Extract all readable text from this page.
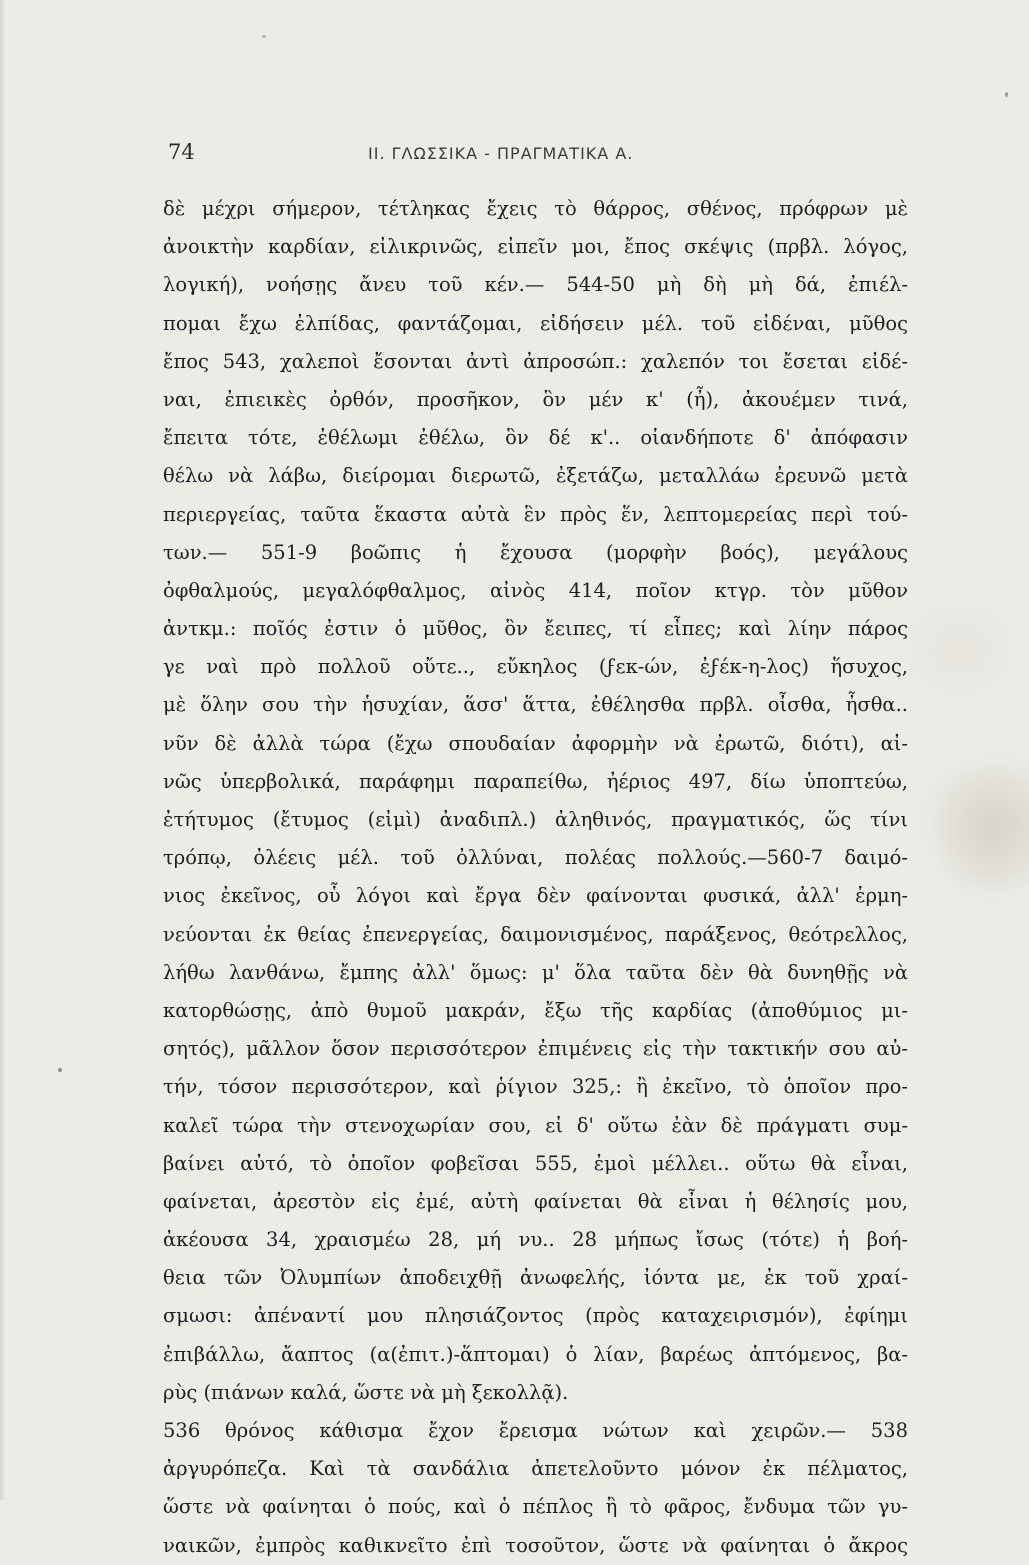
74	ΙΙ. ΓΛΩΣΣΙΚΑ - ΠΡΑΓΜΑΤΙΚΑ Α.
δὲ μέχρι σήμερον, τέτληκας ἔχεις τὸ θάρρος, σθένος, πρόφρων μὲ
ἀνοικτὴν καρδίαν, εἰλικρινῶς, εἰπεῖν μοι, ἔπος σκέψις (πρβλ. λόγος,
λογική), νοήσῃς ἄνευ τοῦ κέν.— 544-50 μὴ δὴ μὴ δά, ἐπιέλ-
πομαι ἔχω ἐλπίδας, φαντάζομαι, εἰδήσειν μέλ. τοῦ εἰδέναι, μῦθος
ἔπος 543, χαλεποὶ ἔσονται ἀντὶ ἀπροσώπ.: χαλεπόν τοι ἔσεται εἰδέ-
ναι, ἐπιεικὲς ὀρθόν, προσῆκον, ὃν μέν κ' (ἦ), ἀκουέμεν τινά,
ἔπειτα τότε, ἐθέλωμι ἐθέλω, ὃν δέ κ'.. οἱανδήποτε δ' ἀπόφασιν
θέλω νὰ λάβω, διείρομαι διερωτῶ, ἐξετάζω, μεταλλάω ἐρευνῶ μετὰ
περιεργείας, ταῦτα ἕκαστα αὐτὰ ἓν πρὸς ἕν, λεπτομερείας περὶ τού-
των.— 551-9 βοῶπις ἡ ἔχουσα (μορφὴν βοός), μεγάλους
ὀφθαλμούς, μεγαλόφθαλμος, αἰνὸς 414, ποῖον κτγρ. τὸν μῦθον
ἀντκμ.: ποῖός ἐστιν ὁ μῦθος, ὃν ἔειπες, τί εἶπες; καὶ λίην πάρος
γε ναὶ πρὸ πολλοῦ οὔτε.., εὔκηλος (ϝεκ-ών, ἐϝέκ-η-λος) ἥσυχος,
μὲ ὅλην σου τὴν ἡσυχίαν, ἅσσ' ἅττα, ἐθέλησθα πρβλ. οἶσθα, ἦσθα..
νῦν δὲ ἀλλὰ τώρα (ἔχω σπουδαίαν ἀφορμὴν νὰ ἐρωτῶ, διότι), αἰ-
νῶς ὑπερβολικά, παράφημι παραπείθω, ἠέριος 497, δίω ὑποπτεύω,
ἐτήτυμος (ἔτυμος (εἰμὶ) ἀναδιπλ.) ἀληθινός, πραγματικός, ὥς τίνι
τρόπῳ, ὀλέεις μέλ. τοῦ ὀλλύναι, πολέας πολλούς.—560-7 δαιμό-
νιος ἐκεῖνος, οὗ λόγοι καὶ ἔργα δὲν φαίνονται φυσικά, ἀλλ' ἑρμη-
νεύονται ἐκ θείας ἐπενεργείας, δαιμονισμένος, παράξενος, θεότρελλος,
λήθω λανθάνω, ἔμπης ἀλλ' ὅμως: μ' ὅλα ταῦτα δὲν θὰ δυνηθῇς νὰ
κατορθώσῃς, ἀπὸ θυμοῦ μακράν, ἔξω τῆς καρδίας (ἀποθύμιος μι-
σητός), μᾶλλον ὅσον περισσότερον ἐπιμένεις εἰς τὴν τακτικήν σου αὐ-
τήν, τόσον περισσότερον, καὶ ῥίγιον 325,: ἢ ἐκεῖνο, τὸ ὁποῖον προ-
καλεῖ τώρα τὴν στενοχωρίαν σου, εἰ δ' οὕτω ἐὰν δὲ πράγματι συμ-
βαίνει αὐτό, τὸ ὁποῖον φοβεῖσαι 555, ἐμοὶ μέλλει.. οὕτω θὰ εἶναι,
φαίνεται, ἀρεστὸν εἰς ἐμέ, αὐτὴ φαίνεται θὰ εἶναι ἡ θέλησίς μου,
ἀκέουσα 34, χραισμέω 28, μή νυ.. 28 μήπως ἴσως (τότε) ἡ βοή-
θεια τῶν Ὀλυμπίων ἀποδειχθῇ ἀνωφελής, ἰόντα με, ἐκ τοῦ χραί-
σμωσι: ἀπέναντί μου πλησιάζοντος (πρὸς καταχειρισμόν), ἐφίημι
ἐπιβάλλω, ἄαπτος (α(ἐπιτ.)-ἅπτομαι) ὁ λίαν, βαρέως ἁπτόμενος, βα-
ρὺς (πιάνων καλά, ὥστε νὰ μὴ ξεκολλᾷ).
536 θρόνος κάθισμα ἔχον ἔρεισμα νώτων καὶ χειρῶν.— 538
ἀργυρόπεζα. Καὶ τὰ σανδάλια ἀπετελοῦντο μόνον ἐκ πέλματος,
ὥστε νὰ φαίνηται ὁ πούς, καὶ ὁ πέπλος ἢ τὸ φᾶρος, ἔνδυμα τῶν γυ-
ναικῶν, ἐμπρὸς καθικνεῖτο ἐπὶ τοσοῦτον, ὥστε νὰ φαίνηται ὁ ἄκρος
